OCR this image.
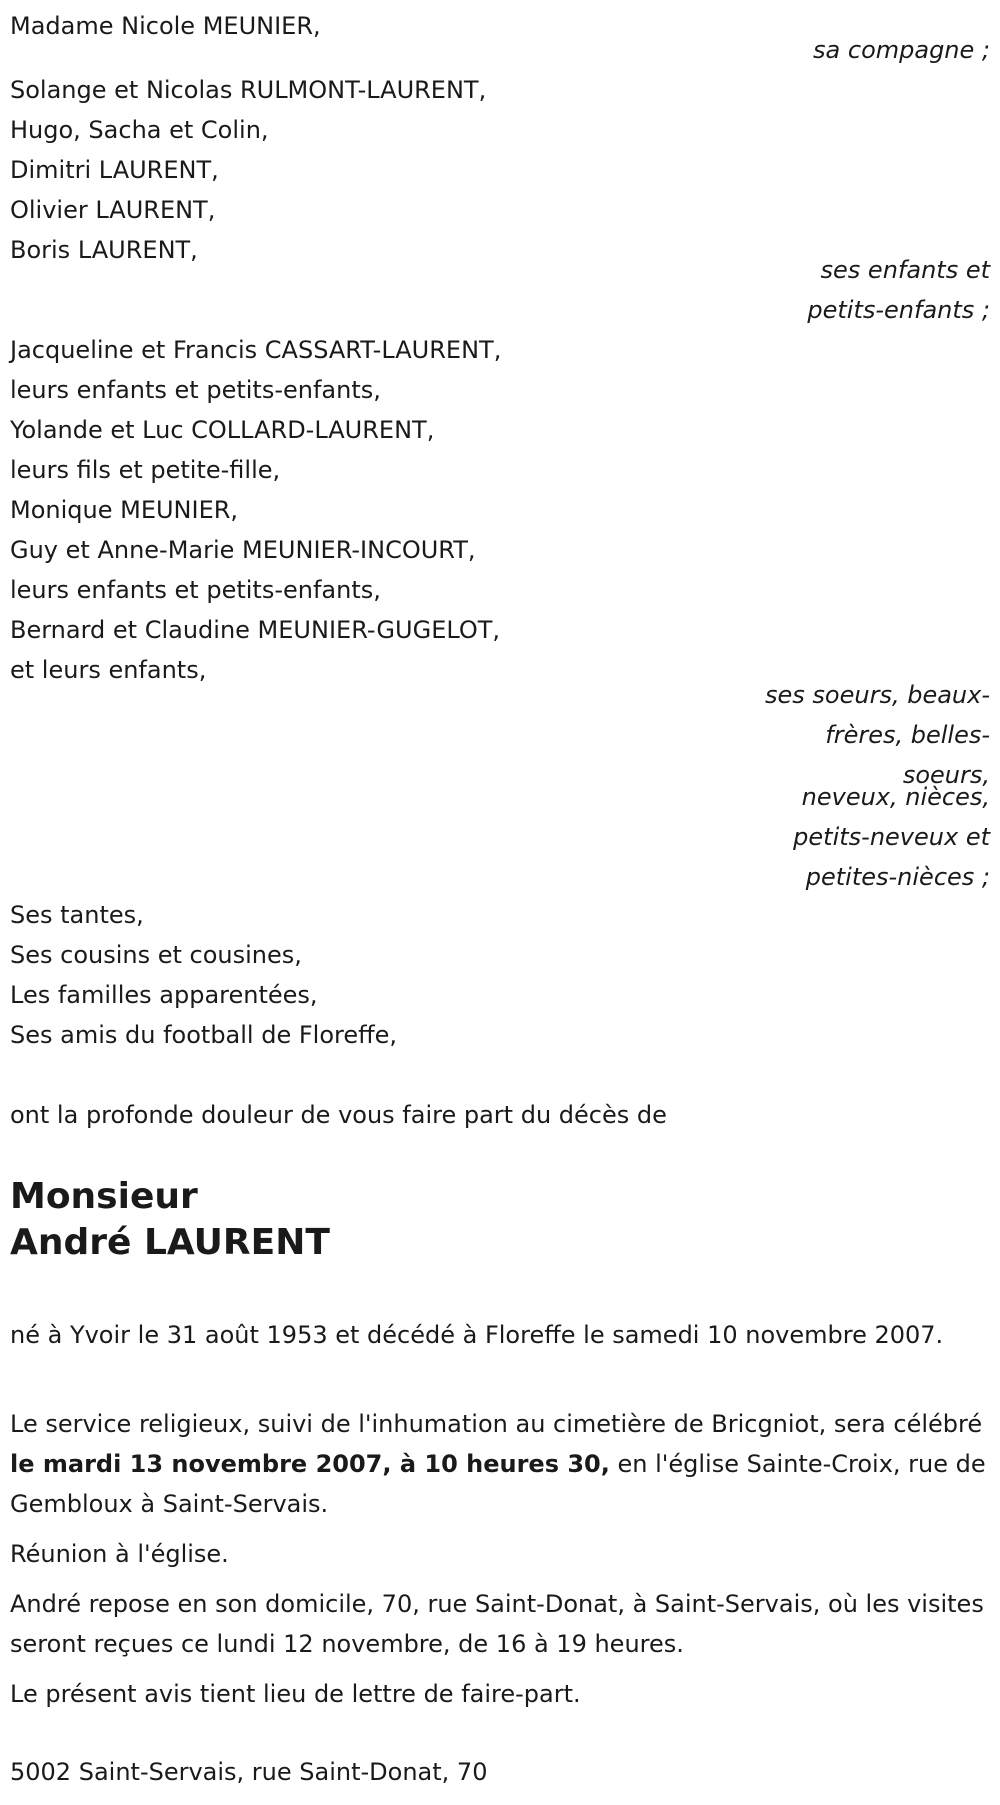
Madame Nicole MEUNIER,
sa compagne ;
Solange et Nicolas RULMONT-LAURENT,
Hugo, Sacha et Colin,
Dimitri LAURENT,
Olivier LAURENT,
Boris LAURENT,
ses enfants et
petits-enfants ;
Jacqueline et Francis CASSART-LAURENT,
leurs enfants et petits-enfants,
Yolande et Luc COLLARD-LAURENT,
leurs fils et petite-fille,
Monique MEUNIER,
Guy et Anne-Marie MEUNIER-INCOURT,
leurs enfants et petits-enfants,
Bernard et Claudine MEUNIER-GUGELOT,
et leurs enfants,
ses soeurs, beaux-
frères, belles-
soeurs,
neveux, nièces,
petits-neveux et
petites-nièces ;
Ses tantes,
Ses cousins et cousines,
Les familles apparentées,
Ses amis du football de Floreffe,
ont la profonde douleur de vous faire part du décès de
Monsieur
André LAURENT
né à Yvoir le 31 août 1953 et décédé à Floreffe le samedi 10 novembre 2007.
Le service religieux, suivi de l'inhumation au cimetière de Bricgniot, sera célébré le mardi 13 novembre 2007, à 10 heures 30, en l'église Sainte-Croix, rue de Gembloux à Saint-Servais.
Réunion à l'église.
André repose en son domicile, 70, rue Saint-Donat, à Saint-Servais, où les visites seront reçues ce lundi 12 novembre, de 16 à 19 heures.
Le présent avis tient lieu de lettre de faire-part.
5002 Saint-Servais, rue Saint-Donat, 70
